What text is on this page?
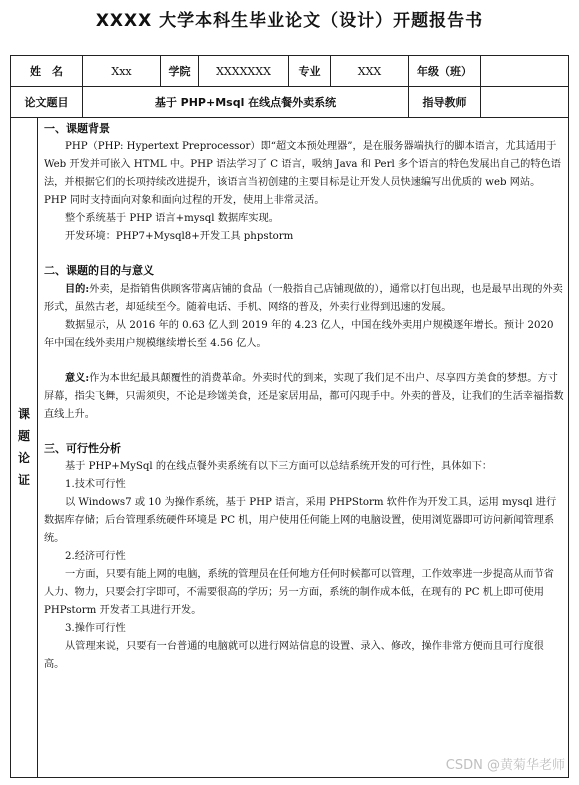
XXXX 大学本科生毕业论文（设计）开题报告书
姓　名	Xxx	学院	XXXXXXX	专业	XXX	年级（班）	
论文题目	基于 PHP+Msql 在线点餐外卖系统					指导教师	
课题论证

一、课题背景

PHP（PHP: Hypertext Preprocessor）即“超文本预处理器”，是在服务器端执行的脚本语言，尤其适用于 Web 开发并可嵌入 HTML 中。PHP 语法学习了 C 语言，吸纳 Java 和 Perl 多个语言的特色发展出自己的特色语法，并根据它们的长项持续改进提升，该语言当初创建的主要目标是让开发人员快速编写出优质的 web 网站。 PHP 同时支持面向对象和面向过程的开发，使用上非常灵活。

整个系统基于 PHP 语言+mysql 数据库实现。

开发环境：PHP7+Mysql8+开发工具 phpstorm

二、课题的目的与意义

目的:外卖，是指销售供顾客带离店铺的食品（一般指自己店铺现做的），通常以打包出现，也是最早出现的外卖形式，虽然古老，却延续至今。随着电话、手机、网络的普及，外卖行业得到迅速的发展。

数据显示，从 2016 年的 0.63 亿人到 2019 年的 4.23 亿人，中国在线外卖用户规模逐年增长。预计 2020 年中国在线外卖用户规模继续增长至 4.56 亿人。

意义:作为本世纪最具颠覆性的消费革命。外卖时代的到来，实现了我们足不出户、尽享四方美食的梦想。方寸屏幕，指尖飞舞，只需须臾，不论是珍馐美食，还是家居用品，都可闪现手中。外卖的普及，让我们的生活幸福指数直线上升。

三、可行性分析

基于 PHP+MySql 的在线点餐外卖系统有以下三方面可以总结系统开发的可行性，具体如下：

1.技术可行性

以 Windows7 或 10 为操作系统，基于 PHP 语言，采用 PHPStorm 软件作为开发工具，运用 mysql 进行数据库存储；后台管理系统硬件环境是 PC 机，用户使用任何能上网的电脑设置，使用浏览器即可访问新闻管理系统。

2.经济可行性

一方面，只要有能上网的电脑，系统的管理员在任何地方任何时候都可以管理，工作效率进一步提高从而节省人力、物力，只要会打字即可，不需要很高的学历；另一方面，系统的制作成本低，在现有的 PC 机上即可使用 PHPstorm 开发者工具进行开发。

3.操作可行性

从管理来说，只要有一台普通的电脑就可以进行网站信息的设置、录入、修改，操作非常方便而且可行度很高。

CSDN @黄菊华老师
